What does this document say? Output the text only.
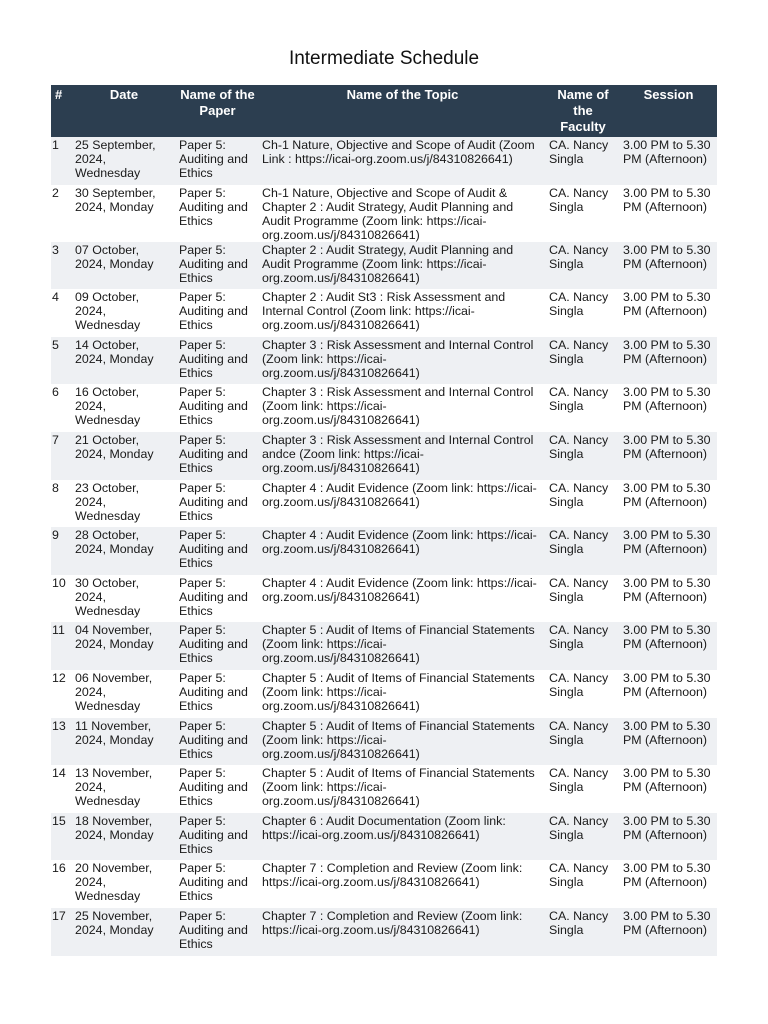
Intermediate Schedule
#	Date	Name of the Paper	Name of the Topic	Name of the Faculty	Session
1	25 September, 2024, Wednesday	Paper 5: Auditing and Ethics	Ch-1 Nature, Objective and Scope of Audit (Zoom Link : https://icai-org.zoom.us/j/84310826641)	CA. Nancy Singla	3.00 PM to 5.30 PM (Afternoon)
2	30 September, 2024, Monday	Paper 5: Auditing and Ethics	Ch-1 Nature, Objective and Scope of Audit & Chapter 2 : Audit Strategy, Audit Planning and Audit Programme (Zoom link: https://icai-org.zoom.us/j/84310826641)	CA. Nancy Singla	3.00 PM to 5.30 PM (Afternoon)
3	07 October, 2024, Monday	Paper 5: Auditing and Ethics	Chapter 2 : Audit Strategy, Audit Planning and Audit Programme (Zoom link: https://icai-org.zoom.us/j/84310826641)	CA. Nancy Singla	3.00 PM to 5.30 PM (Afternoon)
4	09 October, 2024, Wednesday	Paper 5: Auditing and Ethics	Chapter 2 : Audit St3 : Risk Assessment and Internal Control (Zoom link: https://icai-org.zoom.us/j/84310826641)	CA. Nancy Singla	3.00 PM to 5.30 PM (Afternoon)
5	14 October, 2024, Monday	Paper 5: Auditing and Ethics	Chapter 3 : Risk Assessment and Internal Control (Zoom link: https://icai-org.zoom.us/j/84310826641)	CA. Nancy Singla	3.00 PM to 5.30 PM (Afternoon)
6	16 October, 2024, Wednesday	Paper 5: Auditing and Ethics	Chapter 3 : Risk Assessment and Internal Control (Zoom link: https://icai-org.zoom.us/j/84310826641)	CA. Nancy Singla	3.00 PM to 5.30 PM (Afternoon)
7	21 October, 2024, Monday	Paper 5: Auditing and Ethics	Chapter 3 : Risk Assessment and Internal Control andce (Zoom link: https://icai-org.zoom.us/j/84310826641)	CA. Nancy Singla	3.00 PM to 5.30 PM (Afternoon)
8	23 October, 2024, Wednesday	Paper 5: Auditing and Ethics	Chapter 4 : Audit Evidence (Zoom link: https://icai-org.zoom.us/j/84310826641)	CA. Nancy Singla	3.00 PM to 5.30 PM (Afternoon)
9	28 October, 2024, Monday	Paper 5: Auditing and Ethics	Chapter 4 : Audit Evidence (Zoom link: https://icai-org.zoom.us/j/84310826641)	CA. Nancy Singla	3.00 PM to 5.30 PM (Afternoon)
10	30 October, 2024, Wednesday	Paper 5: Auditing and Ethics	Chapter 4 : Audit Evidence (Zoom link: https://icai-org.zoom.us/j/84310826641)	CA. Nancy Singla	3.00 PM to 5.30 PM (Afternoon)
11	04 November, 2024, Monday	Paper 5: Auditing and Ethics	Chapter 5 : Audit of Items of Financial Statements (Zoom link: https://icai-org.zoom.us/j/84310826641)	CA. Nancy Singla	3.00 PM to 5.30 PM (Afternoon)
12	06 November, 2024, Wednesday	Paper 5: Auditing and Ethics	Chapter 5 : Audit of Items of Financial Statements (Zoom link: https://icai-org.zoom.us/j/84310826641)	CA. Nancy Singla	3.00 PM to 5.30 PM (Afternoon)
13	11 November, 2024, Monday	Paper 5: Auditing and Ethics	Chapter 5 : Audit of Items of Financial Statements (Zoom link: https://icai-org.zoom.us/j/84310826641)	CA. Nancy Singla	3.00 PM to 5.30 PM (Afternoon)
14	13 November, 2024, Wednesday	Paper 5: Auditing and Ethics	Chapter 5 : Audit of Items of Financial Statements (Zoom link: https://icai-org.zoom.us/j/84310826641)	CA. Nancy Singla	3.00 PM to 5.30 PM (Afternoon)
15	18 November, 2024, Monday	Paper 5: Auditing and Ethics	Chapter 6 : Audit Documentation (Zoom link: https://icai-org.zoom.us/j/84310826641)	CA. Nancy Singla	3.00 PM to 5.30 PM (Afternoon)
16	20 November, 2024, Wednesday	Paper 5: Auditing and Ethics	Chapter 7 : Completion and Review (Zoom link: https://icai-org.zoom.us/j/84310826641)	CA. Nancy Singla	3.00 PM to 5.30 PM (Afternoon)
17	25 November, 2024, Monday	Paper 5: Auditing and Ethics	Chapter 7 : Completion and Review (Zoom link: https://icai-org.zoom.us/j/84310826641)	CA. Nancy Singla	3.00 PM to 5.30 PM (Afternoon)
